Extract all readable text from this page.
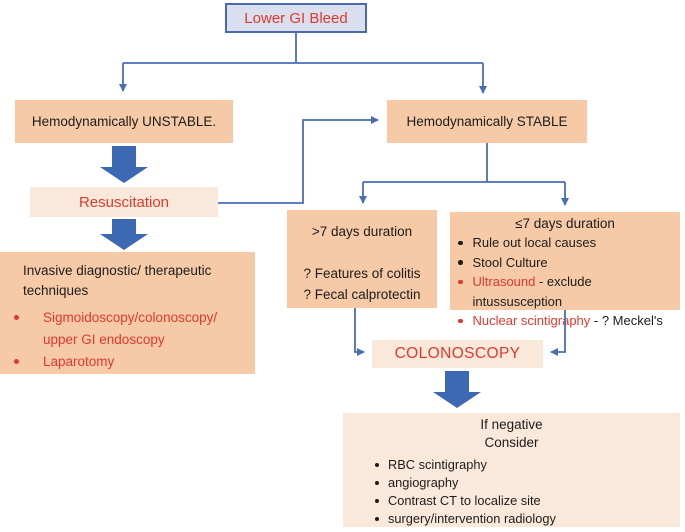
Lower GI Bleed
Hemodynamically UNSTABLE.	Hemodynamically STABLE
Resuscitation
Invasive diagnostic/ therapeutic techniques
Sigmoidoscopy/colonoscopy/ upper GI endoscopy
Laparotomy
>7 days duration
? Features of colitis
? Fecal calprotectin
≤7 days duration
Rule out local causes
Stool Culture
Ultrasound - exclude intussusception
Nuclear scintigraphy - ? Meckel's
COLONOSCOPY
If negative
Consider
RBC scintigraphy
angiography
Contrast CT to localize site
surgery/intervention radiology
